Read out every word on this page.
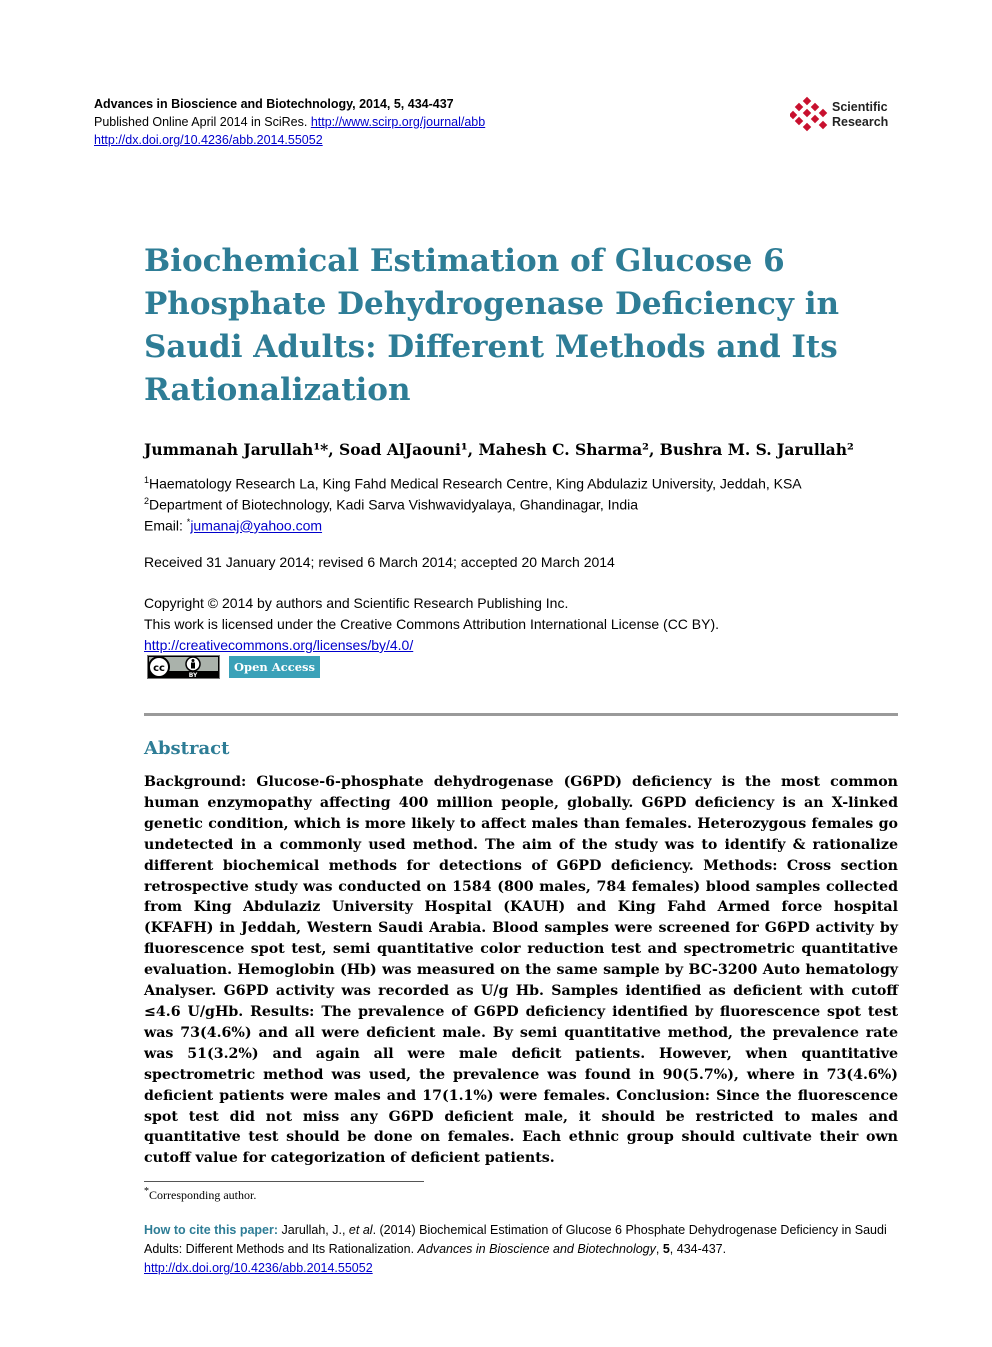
Advances in Bioscience and Biotechnology, 2014, 5, 434-437
Published Online April 2014 in SciRes. http://www.scirp.org/journal/abb
http://dx.doi.org/10.4236/abb.2014.55052
Scientific
Research
Biochemical Estimation of Glucose 6 Phosphate Dehydrogenase Deficiency in Saudi Adults: Different Methods and Its Rationalization
Jummanah Jarullah¹*, Soad AlJaouni¹, Mahesh C. Sharma², Bushra M. S. Jarullah²
$^1$Haematology Research La, King Fahd Medical Research Centre, King Abdulaziz University, Jeddah, KSA
$^2$Department of Biotechnology, Kadi Sarva Vishwavidyalaya, Ghandinagar, India
Email: *jumanaj@yahoo.com
Received 31 January 2014; revised 6 March 2014; accepted 20 March 2014
Copyright © 2014 by authors and Scientific Research Publishing Inc.
This work is licensed under the Creative Commons Attribution International License (CC BY).
http://creativecommons.org/licenses/by/4.0/
cc
BY
Open Access
Abstract
Background: Glucose-6-phosphate dehydrogenase (G6PD) deficiency is the most common human enzymopathy affecting 400 million people, globally. G6PD deficiency is an X-linked genetic condition, which is more likely to affect males than females. Heterozygous females go undetected in a commonly used method. The aim of the study was to identify & rationalize different biochemical methods for detections of G6PD deficiency. Methods: Cross section retrospective study was conducted on 1584 (800 males, 784 females) blood samples collected from King Abdulaziz University Hospital (KAUH) and King Fahd Armed force hospital (KFAFH) in Jeddah, Western Saudi Arabia. Blood samples were screened for G6PD activity by fluorescence spot test, semi quantitative color reduction test and spectrometric quantitative evaluation. Hemoglobin (Hb) was measured on the same sample by BC-3200 Auto hematology Analyser. G6PD activity was recorded as U/g Hb. Samples identified as deficient with cutoff ≤4.6 U/gHb. Results: The prevalence of G6PD deficiency identified by fluorescence spot test was 73(4.6%) and all were deficient male. By semi quantitative method, the prevalence rate was 51(3.2%) and again all were male deficit patients. However, when quantitative spectrometric method was used, the prevalence was found in 90(5.7%), where in 73(4.6%) deficient patients were males and 17(1.1%) were females. Conclusion: Since the fluorescence spot test did not miss any G6PD deficient male, it should be restricted to males and quantitative test should be done on females. Each ethnic group should cultivate their own cutoff value for categorization of deficient patients.
*Corresponding author.
How to cite this paper: Jarullah, J., et al. (2014) Biochemical Estimation of Glucose 6 Phosphate Dehydrogenase Deficiency in Saudi Adults: Different Methods and Its Rationalization. Advances in Bioscience and Biotechnology, 5, 434-437.
http://dx.doi.org/10.4236/abb.2014.55052
